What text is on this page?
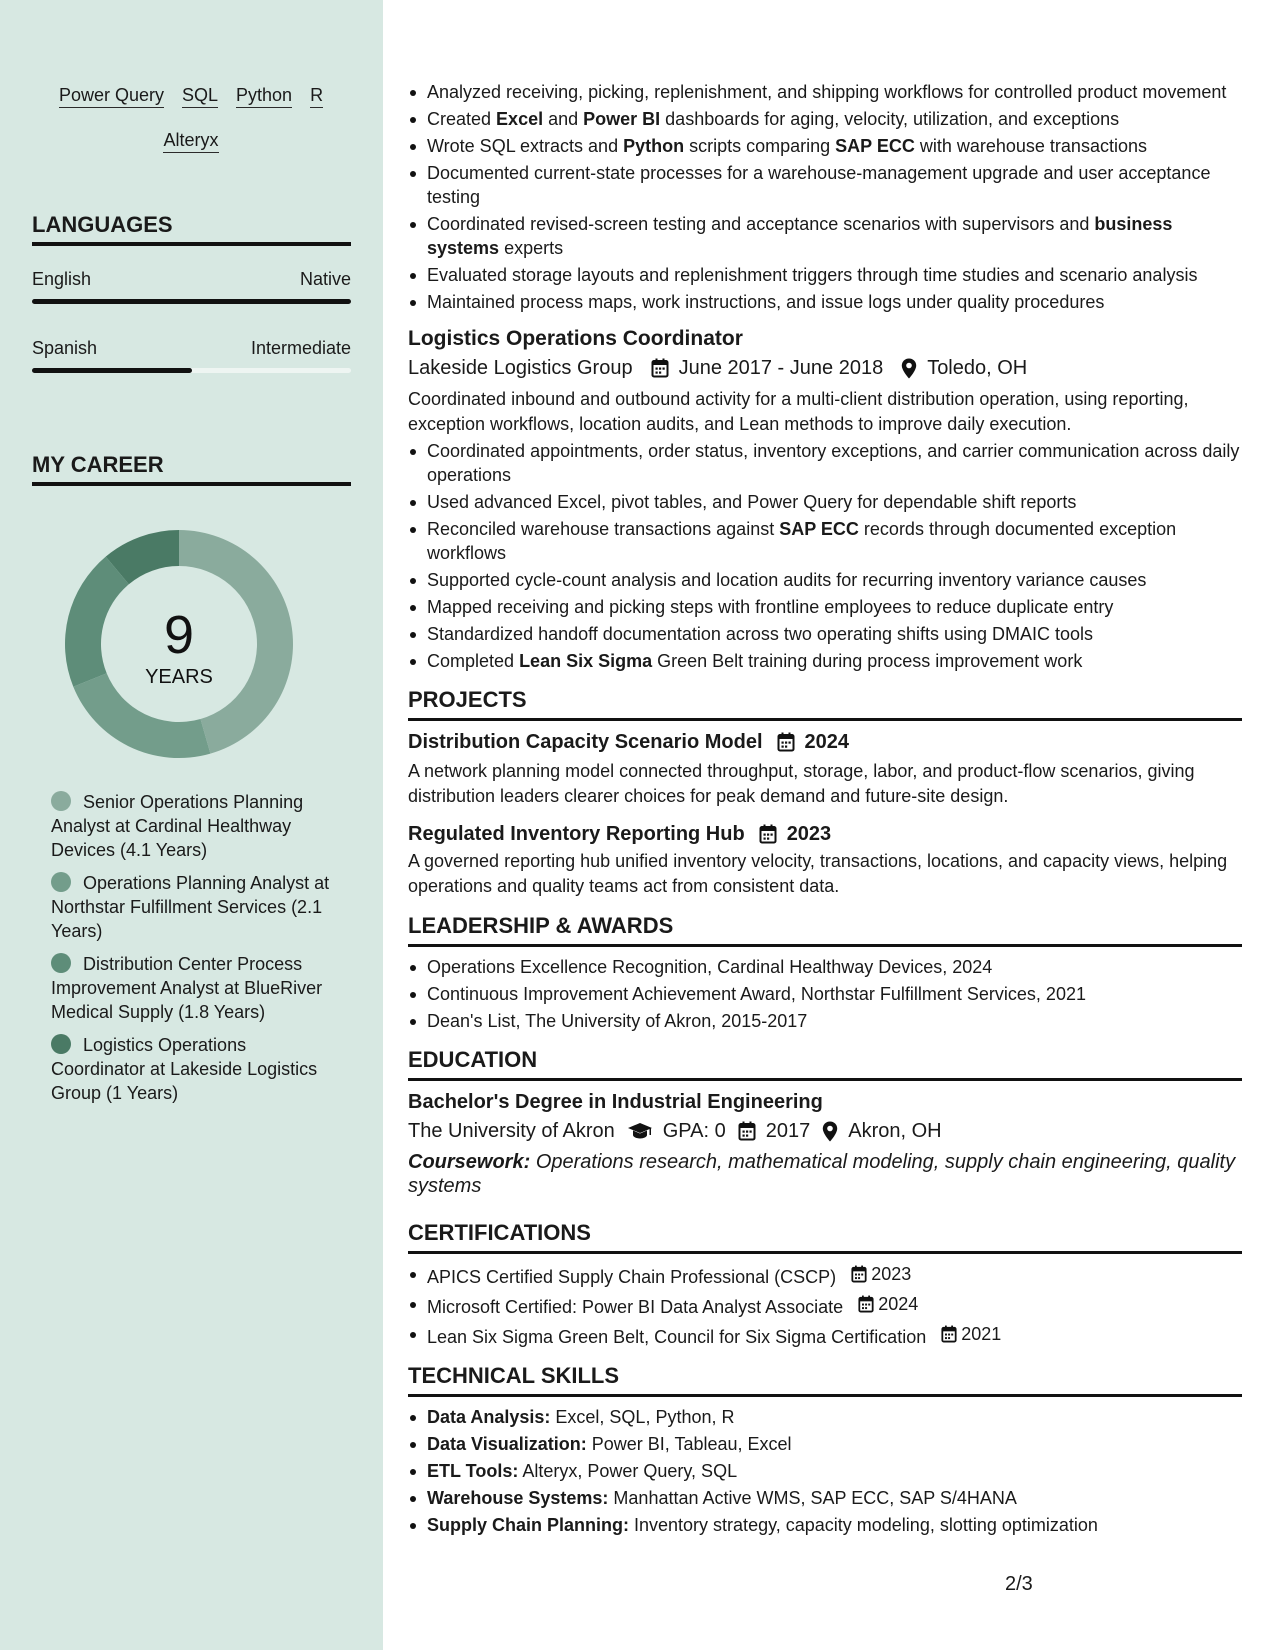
Power Query SQL Python R
Alteryx
LANGUAGES
English	Native
Spanish	Intermediate
MY CAREER
9
YEARS
Senior Operations Planning Analyst at Cardinal Healthway Devices (4.1 Years)
Operations Planning Analyst at Northstar Fulfillment Services (2.1 Years)
Distribution Center Process Improvement Analyst at BlueRiver Medical Supply (1.8 Years)
Logistics Operations Coordinator at Lakeside Logistics Group (1 Years)
Analyzed receiving, picking, replenishment, and shipping workflows for controlled product movement
Created Excel and Power BI dashboards for aging, velocity, utilization, and exceptions
Wrote SQL extracts and Python scripts comparing SAP ECC with warehouse transactions
Documented current-state processes for a warehouse-management upgrade and user acceptance testing
Coordinated revised-screen testing and acceptance scenarios with supervisors and business systems experts
Evaluated storage layouts and replenishment triggers through time studies and scenario analysis
Maintained process maps, work instructions, and issue logs under quality procedures
Logistics Operations Coordinator
Lakeside Logistics Group June 2017 - June 2018 Toledo, OH
Coordinated inbound and outbound activity for a multi-client distribution operation, using reporting, exception workflows, location audits, and Lean methods to improve daily execution.
Coordinated appointments, order status, inventory exceptions, and carrier communication across daily operations
Used advanced Excel, pivot tables, and Power Query for dependable shift reports
Reconciled warehouse transactions against SAP ECC records through documented exception workflows
Supported cycle-count analysis and location audits for recurring inventory variance causes
Mapped receiving and picking steps with frontline employees to reduce duplicate entry
Standardized handoff documentation across two operating shifts using DMAIC tools
Completed Lean Six Sigma Green Belt training during process improvement work
PROJECTS
Distribution Capacity Scenario Model 2024
A network planning model connected throughput, storage, labor, and product-flow scenarios, giving distribution leaders clearer choices for peak demand and future-site design.
Regulated Inventory Reporting Hub 2023
A governed reporting hub unified inventory velocity, transactions, locations, and capacity views, helping operations and quality teams act from consistent data.
LEADERSHIP & AWARDS
Operations Excellence Recognition, Cardinal Healthway Devices, 2024
Continuous Improvement Achievement Award, Northstar Fulfillment Services, 2021
Dean's List, The University of Akron, 2015-2017
EDUCATION
Bachelor's Degree in Industrial Engineering
The University of Akron GPA: 0 2017 Akron, OH
Coursework: Operations research, mathematical modeling, supply chain engineering, quality systems
CERTIFICATIONS
APICS Certified Supply Chain Professional (CSCP) 2023
Microsoft Certified: Power BI Data Analyst Associate 2024
Lean Six Sigma Green Belt, Council for Six Sigma Certification 2021
TECHNICAL SKILLS
Data Analysis: Excel, SQL, Python, R
Data Visualization: Power BI, Tableau, Excel
ETL Tools: Alteryx, Power Query, SQL
Warehouse Systems: Manhattan Active WMS, SAP ECC, SAP S/4HANA
Supply Chain Planning: Inventory strategy, capacity modeling, slotting optimization
2/3
